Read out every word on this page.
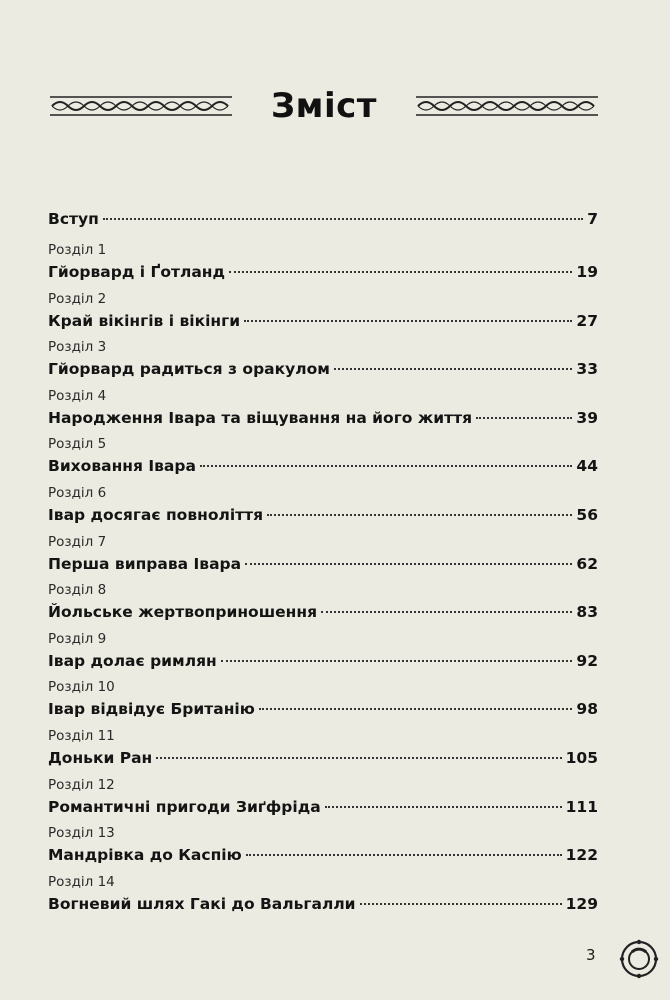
Зміст
Вступ	7
Розділ 1
Гйорвард і Ґотланд	19
Розділ 2
Край вікінгів і вікінги	27
Розділ 3
Гйорвард радиться з оракулом	33
Розділ 4
Народження Івара та віщування на його життя	39
Розділ 5
Виховання Івара	44
Розділ 6
Івар досягає повноліття	56
Розділ 7
Перша виправа Івара	62
Розділ 8
Йольське жертвоприношення	83
Розділ 9
Івар долає римлян	92
Розділ 10
Івар відвідує Британію	98
Розділ 11
Доньки Ран	105
Розділ 12
Романтичні пригоди Зиґфріда	111
Розділ 13
Мандрівка до Каспію	122
Розділ 14
Вогневий шлях Гакі до Вальгалли	129
3
